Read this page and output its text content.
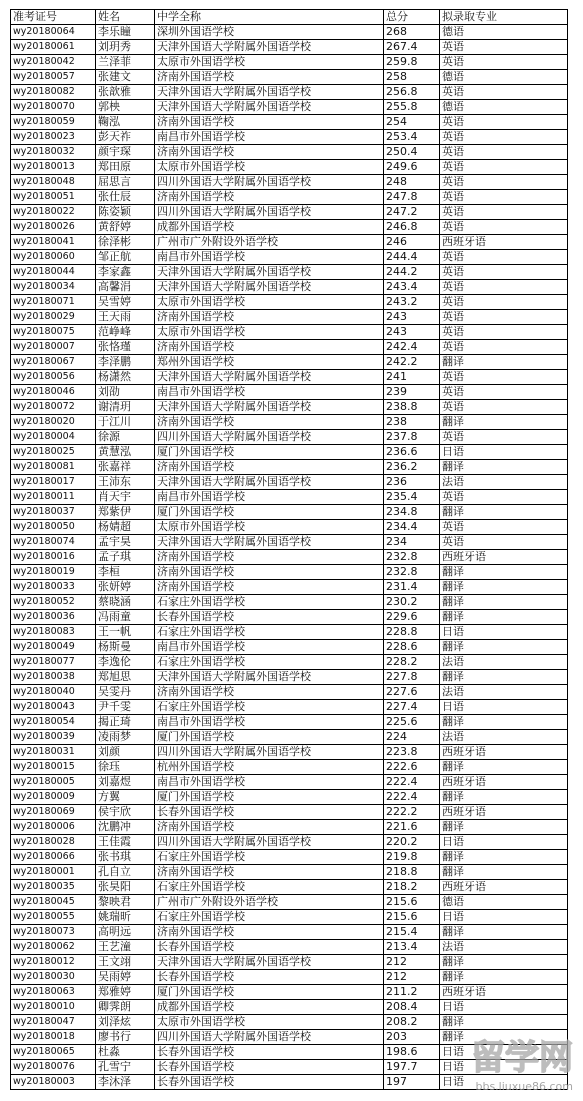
准考证号	姓名	中学全称	总分	拟录取专业
wy20180064	李乐瞳	深圳外国语学校	268	德语
wy20180061	刘玥秀	天津外国语大学附属外国语学校	267.4	英语
wy20180042	兰泽菲	太原市外国语学校	259.8	英语
wy20180057	张建文	济南外国语学校	258	德语
wy20180082	张歆雅	天津外国语大学附属外国语学校	256.8	英语
wy20180070	郭柍	天津外国语大学附属外国语学校	255.8	德语
wy20180059	鞠泓	济南外国语学校	254	英语
wy20180023	彭天祚	南昌市外国语学校	253.4	英语
wy20180032	颜宇琛	济南外国语学校	250.4	英语
wy20180013	郑田原	太原市外国语学校	249.6	英语
wy20180048	屈思言	四川外国语大学附属外国语学校	248	英语
wy20180051	张仕辰	济南外国语学校	247.8	英语
wy20180022	陈姿颖	四川外国语大学附属外国语学校	247.2	英语
wy20180026	黄舒婷	成都外国语学校	246.8	英语
wy20180041	徐泽彬	广州市广外附设外语学校	246	西班牙语
wy20180060	邹正航	南昌市外国语学校	244.4	英语
wy20180044	李家鑫	天津外国语大学附属外国语学校	244.2	英语
wy20180034	高馨涓	天津外国语大学附属外国语学校	243.4	英语
wy20180071	吴雪婷	太原市外国语学校	243.2	英语
wy20180029	王天雨	济南外国语学校	243	英语
wy20180075	范峥峰	太原市外国语学校	243	英语
wy20180007	张恪瑾	济南外国语学校	242.4	英语
wy20180067	李泽鹏	郑州外国语学校	242.2	翻译
wy20180056	杨潇然	天津外国语大学附属外国语学校	241	英语
wy20180046	刘劭	南昌市外国语学校	239	英语
wy20180072	谢清玥	天津外国语大学附属外国语学校	238.8	英语
wy20180020	于江川	济南外国语学校	238	翻译
wy20180004	徐源	四川外国语大学附属外国语学校	237.8	英语
wy20180025	黄慧泓	厦门外国语学校	236.6	日语
wy20180081	张嘉祥	济南外国语学校	236.2	翻译
wy20180017	王沛东	天津外国语大学附属外国语学校	236	法语
wy20180011	肖天宇	南昌市外国语学校	235.4	英语
wy20180037	郑紫伊	厦门外国语学校	234.8	翻译
wy20180050	杨婧超	太原市外国语学校	234.4	英语
wy20180074	孟宇昊	天津外国语大学附属外国语学校	234	英语
wy20180016	孟子琪	济南外国语学校	232.8	西班牙语
wy20180019	李桓	济南外国语学校	232.8	翻译
wy20180033	张妍婷	济南外国语学校	231.4	翻译
wy20180052	蔡晓涵	石家庄外国语学校	230.2	翻译
wy20180036	冯雨童	长春外国语学校	229.6	翻译
wy20180083	王一帆	石家庄外国语学校	228.8	日语
wy20180049	杨斯曼	南昌市外国语学校	228.6	翻译
wy20180077	李逸伦	石家庄外国语学校	228.2	法语
wy20180038	郑旭思	天津外国语大学附属外国语学校	227.8	翻译
wy20180040	吴雯丹	济南外国语学校	227.6	法语
wy20180043	尹千雯	石家庄外国语学校	227.4	日语
wy20180054	揭正琦	南昌市外国语学校	225.6	翻译
wy20180039	凌雨梦	厦门外国语学校	224	法语
wy20180031	刘颜	四川外国语大学附属外国语学校	223.8	西班牙语
wy20180015	徐珏	杭州外国语学校	222.6	翻译
wy20180005	刘嘉煜	南昌市外国语学校	222.4	西班牙语
wy20180009	方翼	厦门外国语学校	222.4	翻译
wy20180069	侯宇欣	长春外国语学校	222.2	西班牙语
wy20180006	沈鹏冲	济南外国语学校	221.6	翻译
wy20180028	王佳霞	四川外国语大学附属外国语学校	220.2	日语
wy20180066	张书琪	石家庄外国语学校	219.8	翻译
wy20180001	孔自立	济南外国语学校	218.8	翻译
wy20180035	张昊阳	石家庄外国语学校	218.2	西班牙语
wy20180045	黎映君	广州市广外附设外语学校	215.6	德语
wy20180055	姚瑞昕	石家庄外国语学校	215.6	日语
wy20180073	高明远	济南外国语学校	215.4	翻译
wy20180062	王艺潼	长春外国语学校	213.4	法语
wy20180012	王文翊	天津外国语大学附属外国语学校	212	翻译
wy20180030	吴雨婷	长春外国语学校	212	翻译
wy20180063	郑雅婷	厦门外国语学校	211.2	西班牙语
wy20180010	卿霁朗	成都外国语学校	208.4	日语
wy20180047	刘泽炫	太原市外国语学校	208.2	翻译
wy20180018	廖书行	四川外国语大学附属外国语学校	203	翻译
wy20180065	杜淼	长春外国语学校	198.6	日语
wy20180076	孔雪宁	长春外国语学校	197.7	日语
wy20180003	李沐泽	长春外国语学校	197	日语
留学网
bbs.liuxue86.com
